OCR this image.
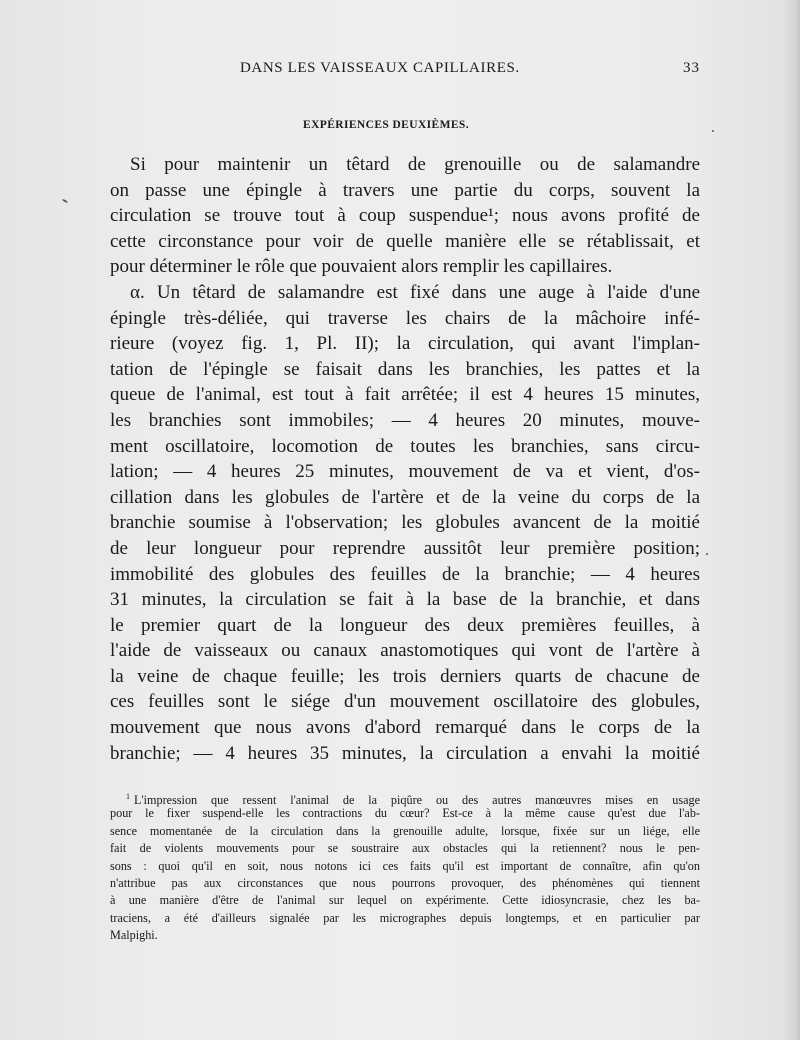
DANS LES VAISSEAUX CAPILLAIRES.	33
EXPÉRIENCES DEUXIÈMES.
Si pour maintenir un têtard de grenouille ou de salamandre
on passe une épingle à travers une partie du corps, souvent la
circulation se trouve tout à coup suspendue¹; nous avons profité de
cette circonstance pour voir de quelle manière elle se rétablissait, et
pour déterminer le rôle que pouvaient alors remplir les capillaires.
α. Un têtard de salamandre est fixé dans une auge à l'aide d'une
épingle très-déliée, qui traverse les chairs de la mâchoire infé-
rieure (voyez fig. 1, Pl. II); la circulation, qui avant l'implan-
tation de l'épingle se faisait dans les branchies, les pattes et la
queue de l'animal, est tout à fait arrêtée; il est 4 heures 15 minutes,
les branchies sont immobiles; — 4 heures 20 minutes, mouve-
ment oscillatoire, locomotion de toutes les branchies, sans circu-
lation; — 4 heures 25 minutes, mouvement de va et vient, d'os-
cillation dans les globules de l'artère et de la veine du corps de la
branchie soumise à l'observation; les globules avancent de la moitié
de leur longueur pour reprendre aussitôt leur première position;
immobilité des globules des feuilles de la branchie; — 4 heures
31 minutes, la circulation se fait à la base de la branchie, et dans
le premier quart de la longueur des deux premières feuilles, à
l'aide de vaisseaux ou canaux anastomotiques qui vont de l'artère à
la veine de chaque feuille; les trois derniers quarts de chacune de
ces feuilles sont le siége d'un mouvement oscillatoire des globules,
mouvement que nous avons d'abord remarqué dans le corps de la
branchie; — 4 heures 35 minutes, la circulation a envahi la moitié
$^1$ L'impression que ressent l'animal de la piqûre ou des autres manœuvres mises en usage
pour le fixer suspend-elle les contractions du cœur? Est-ce à la même cause qu'est due l'ab-
sence momentanée de la circulation dans la grenouille adulte, lorsque, fixée sur un liége, elle
fait de violents mouvements pour se soustraire aux obstacles qui la retiennent? nous le pen-
sons : quoi qu'il en soit, nous notons ici ces faits qu'il est important de connaître, afin qu'on
n'attribue pas aux circonstances que nous pourrons provoquer, des phénomènes qui tiennent
à une manière d'être de l'animal sur lequel on expérimente. Cette idiosyncrasie, chez les ba-
traciens, a été d'ailleurs signalée par les micrographes depuis longtemps, et en particulier par
Malpighi.
